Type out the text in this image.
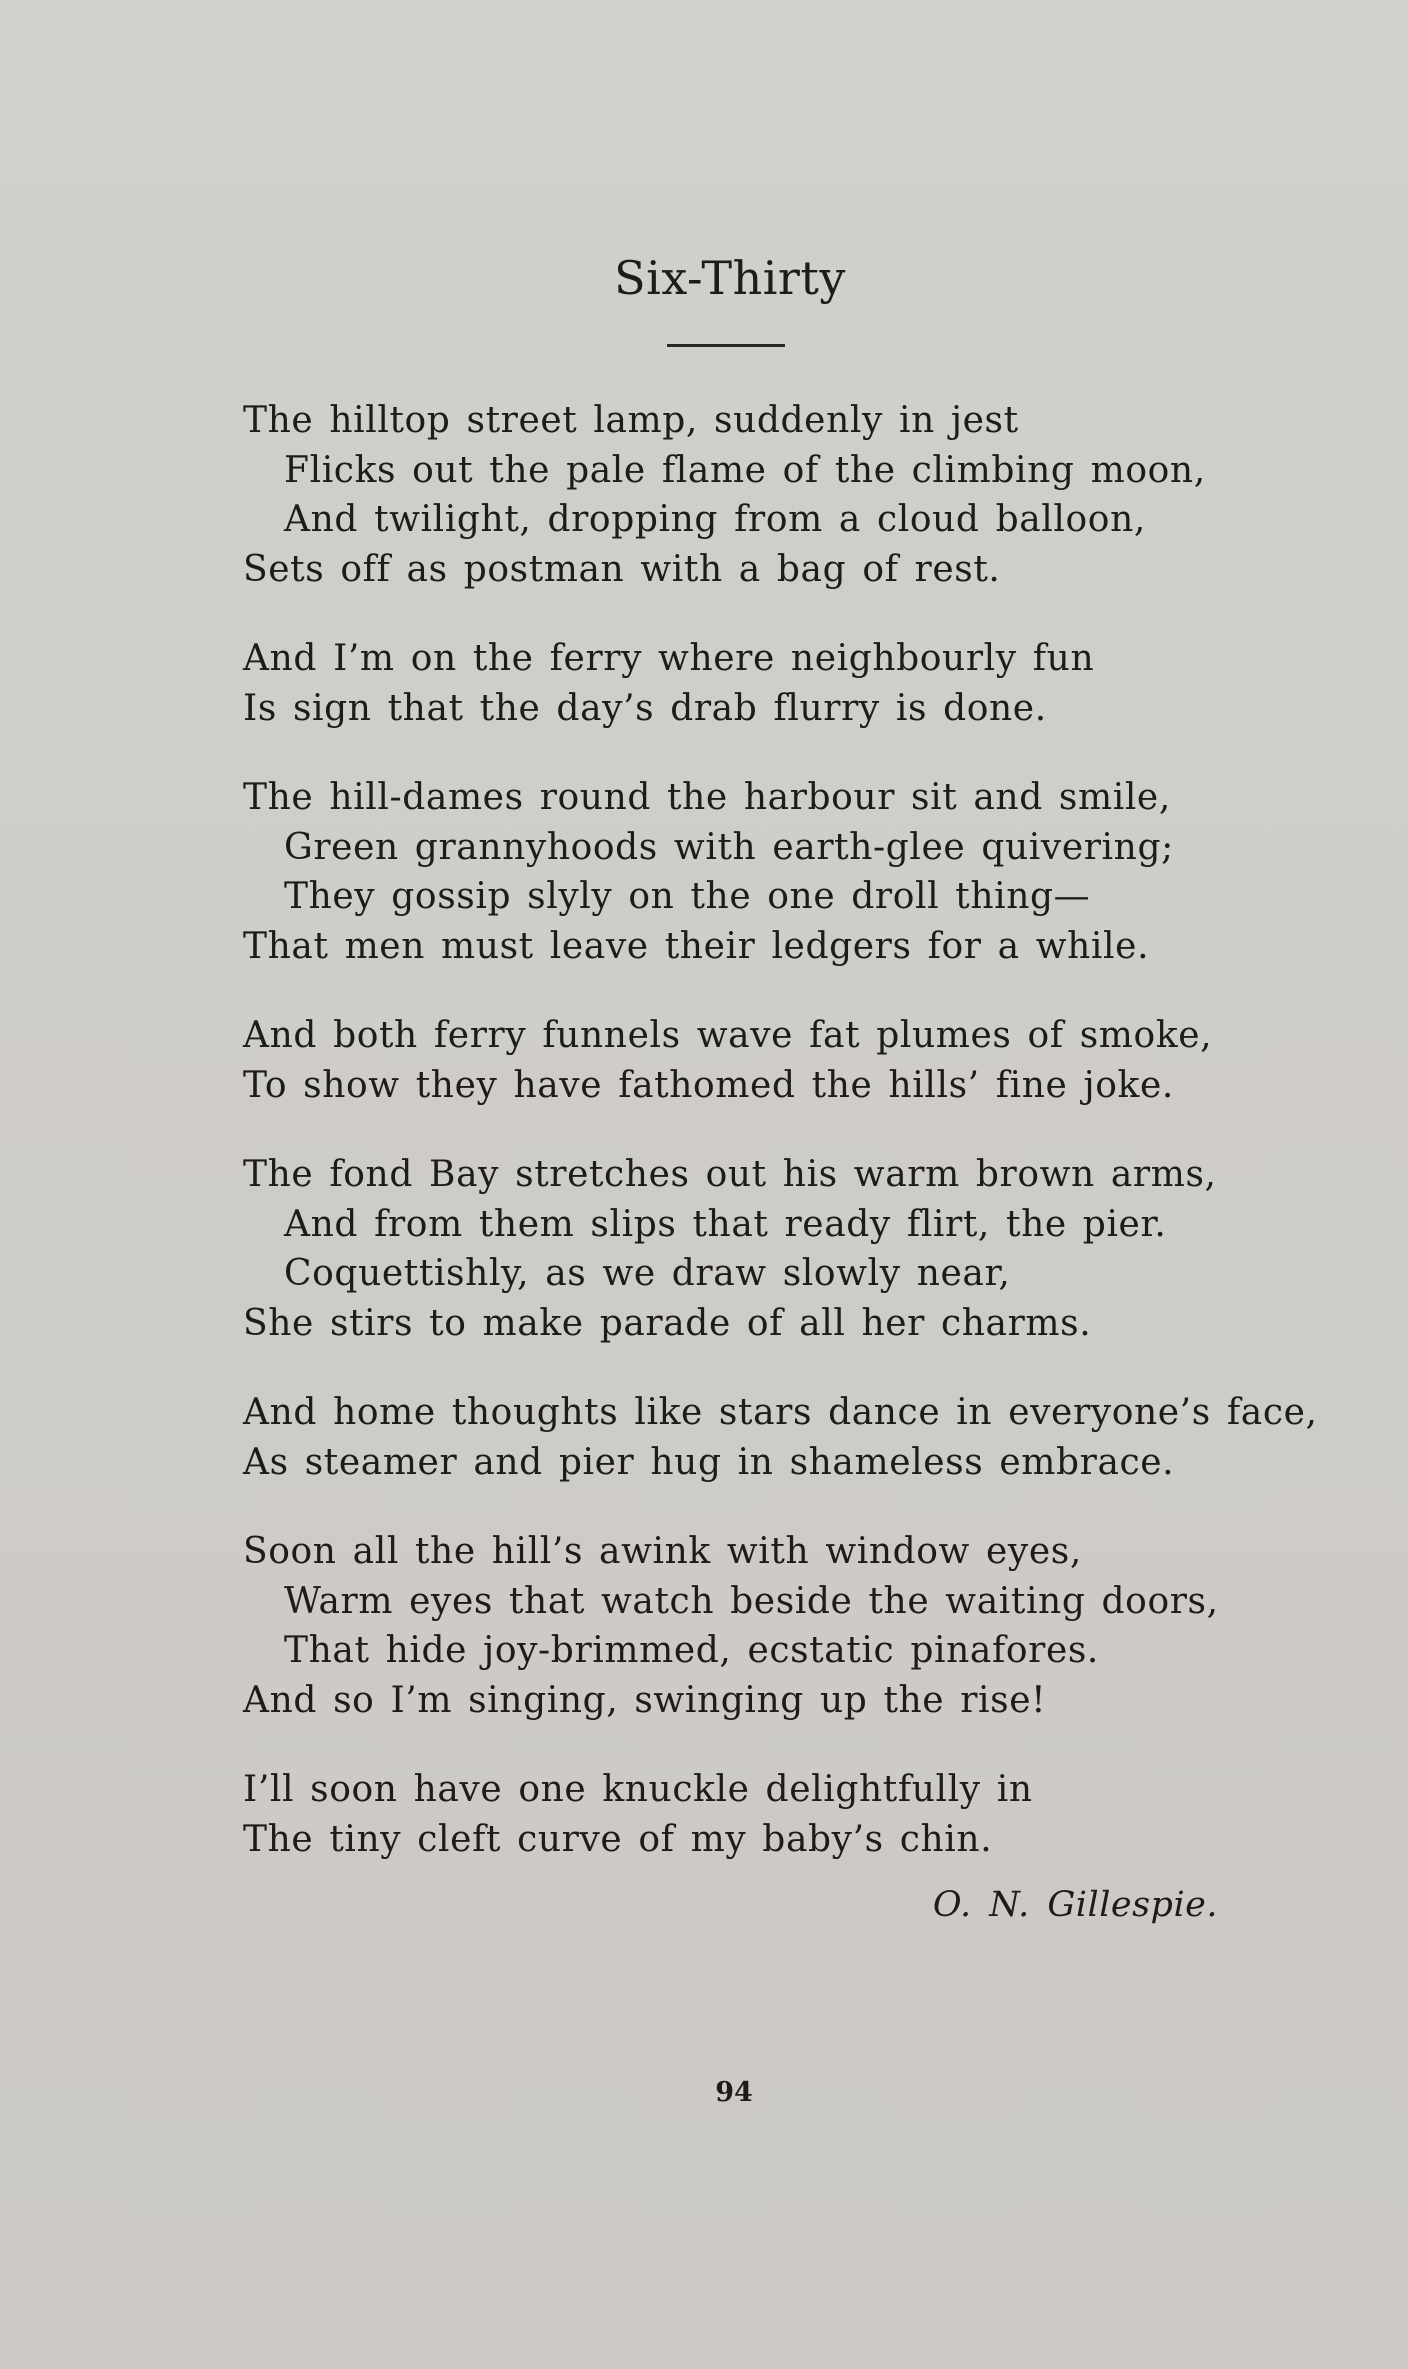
Six-Thirty
The hilltop street lamp, suddenly in jest
Flicks out the pale flame of the climbing moon,
And twilight, dropping from a cloud balloon,
Sets off as postman with a bag of rest.
And I’m on the ferry where neighbourly fun
Is sign that the day’s drab flurry is done.
The hill-dames round the harbour sit and smile,
Green grannyhoods with earth-glee quivering;
They gossip slyly on the one droll thing—
That men must leave their ledgers for a while.
And both ferry funnels wave fat plumes of smoke,
To show they have fathomed the hills’ fine joke.
The fond Bay stretches out his warm brown arms,
And from them slips that ready flirt, the pier.
Coquettishly, as we draw slowly near,
She stirs to make parade of all her charms.
And home thoughts like stars dance in everyone’s face,
As steamer and pier hug in shameless embrace.
Soon all the hill’s awink with window eyes,
Warm eyes that watch beside the waiting doors,
That hide joy-brimmed, ecstatic pinafores.
And so I’m singing, swinging up the rise!
I’ll soon have one knuckle delightfully in
The tiny cleft curve of my baby’s chin.
O. N. Gillespie.
94
